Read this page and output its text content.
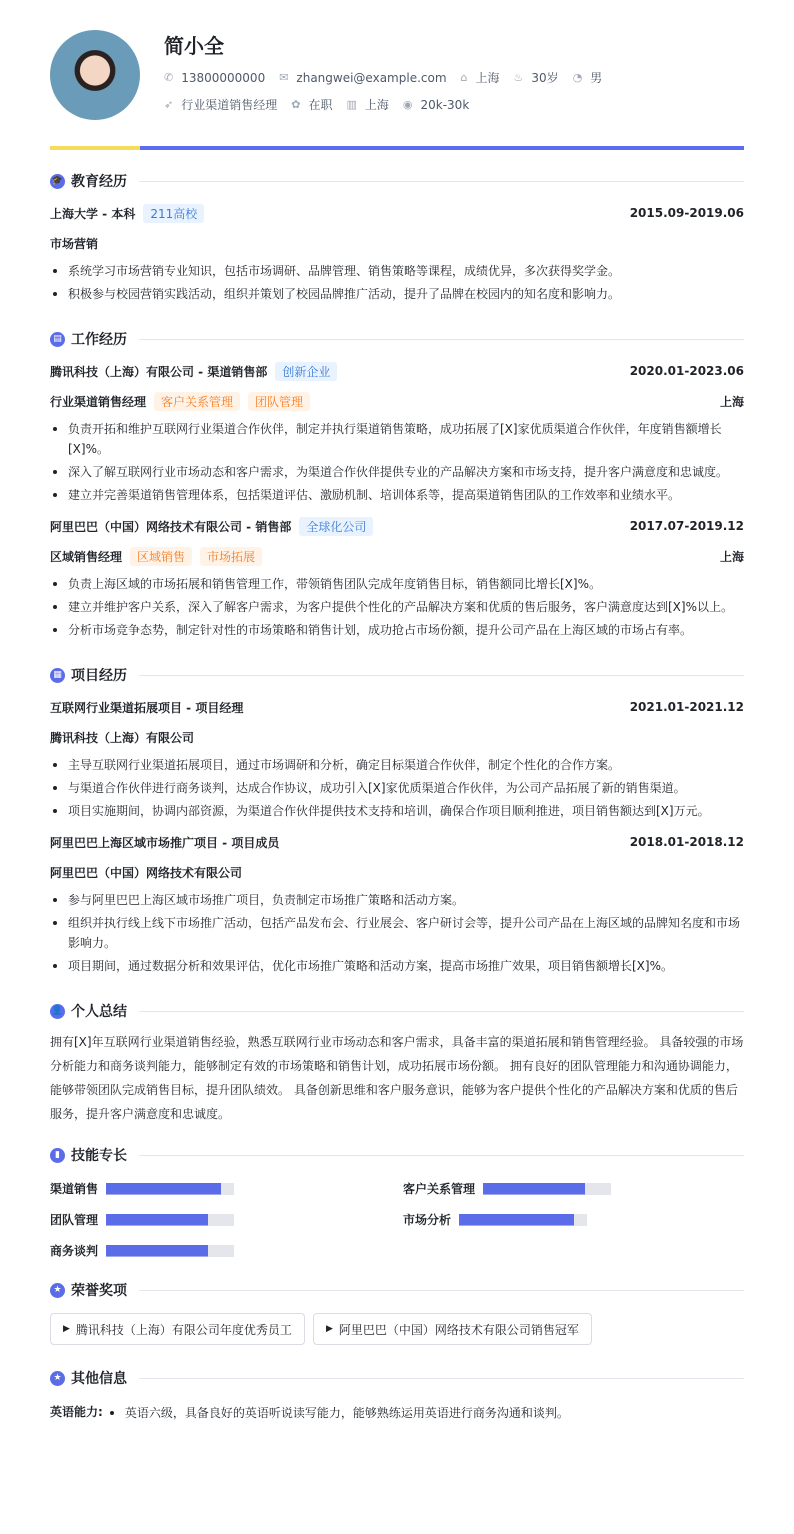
简小全
✆ 13800000000 ✉ zhangwei@example.com ⌂ 上海 ♨ 30岁 ◔ 男
➶ 行业渠道销售经理 ✿ 在职 ▥ 上海 ◉ 20k-30k
🎓 教育经历
上海大学 - 本科	211高校	2015.09-2019.06
市场营销
系统学习市场营销专业知识，包括市场调研、品牌管理、销售策略等课程，成绩优异，多次获得奖学金。
积极参与校园营销实践活动，组织并策划了校园品牌推广活动，提升了品牌在校园内的知名度和影响力。
▤ 工作经历
腾讯科技（上海）有限公司 - 渠道销售部	创新企业	2020.01-2023.06
行业渠道销售经理	客户关系管理	团队管理	上海
负责开拓和维护互联网行业渠道合作伙伴，制定并执行渠道销售策略，成功拓展了[X]家优质渠道合作伙伴，年度销售额增长[X]%。
深入了解互联网行业市场动态和客户需求，为渠道合作伙伴提供专业的产品解决方案和市场支持，提升客户满意度和忠诚度。
建立并完善渠道销售管理体系，包括渠道评估、激励机制、培训体系等，提高渠道销售团队的工作效率和业绩水平。
阿里巴巴（中国）网络技术有限公司 - 销售部	全球化公司	2017.07-2019.12
区域销售经理	区域销售	市场拓展	上海
负责上海区域的市场拓展和销售管理工作，带领销售团队完成年度销售目标，销售额同比增长[X]%。
建立并维护客户关系，深入了解客户需求，为客户提供个性化的产品解决方案和优质的售后服务，客户满意度达到[X]%以上。
分析市场竞争态势，制定针对性的市场策略和销售计划，成功抢占市场份额，提升公司产品在上海区域的市场占有率。
▦ 项目经历
互联网行业渠道拓展项目 - 项目经理	2021.01-2021.12
腾讯科技（上海）有限公司
主导互联网行业渠道拓展项目，通过市场调研和分析，确定目标渠道合作伙伴，制定个性化的合作方案。
与渠道合作伙伴进行商务谈判，达成合作协议，成功引入[X]家优质渠道合作伙伴，为公司产品拓展了新的销售渠道。
项目实施期间，协调内部资源，为渠道合作伙伴提供技术支持和培训，确保合作项目顺利推进，项目销售额达到[X]万元。
阿里巴巴上海区域市场推广项目 - 项目成员	2018.01-2018.12
阿里巴巴（中国）网络技术有限公司
参与阿里巴巴上海区域市场推广项目，负责制定市场推广策略和活动方案。
组织并执行线上线下市场推广活动，包括产品发布会、行业展会、客户研讨会等，提升公司产品在上海区域的品牌知名度和市场影响力。
项目期间，通过数据分析和效果评估，优化市场推广策略和活动方案，提高市场推广效果，项目销售额增长[X]%。
👤 个人总结
拥有[X]年互联网行业渠道销售经验，熟悉互联网行业市场动态和客户需求，具备丰富的渠道拓展和销售管理经验。 具备较强的市场分析能力和商务谈判能力，能够制定有效的市场策略和销售计划，成功拓展市场份额。 拥有良好的团队管理能力和沟通协调能力，能够带领团队完成销售目标，提升团队绩效。 具备创新思维和客户服务意识，能够为客户提供个性化的产品解决方案和优质的售后服务，提升客户满意度和忠诚度。
▮ 技能专长
渠道销售	客户关系管理
团队管理	市场分析
商务谈判
★ 荣誉奖项
▶ 腾讯科技（上海）有限公司年度优秀员工	▶ 阿里巴巴（中国）网络技术有限公司销售冠军
★ 其他信息
英语能力:	英语六级，具备良好的英语听说读写能力，能够熟练运用英语进行商务沟通和谈判。
